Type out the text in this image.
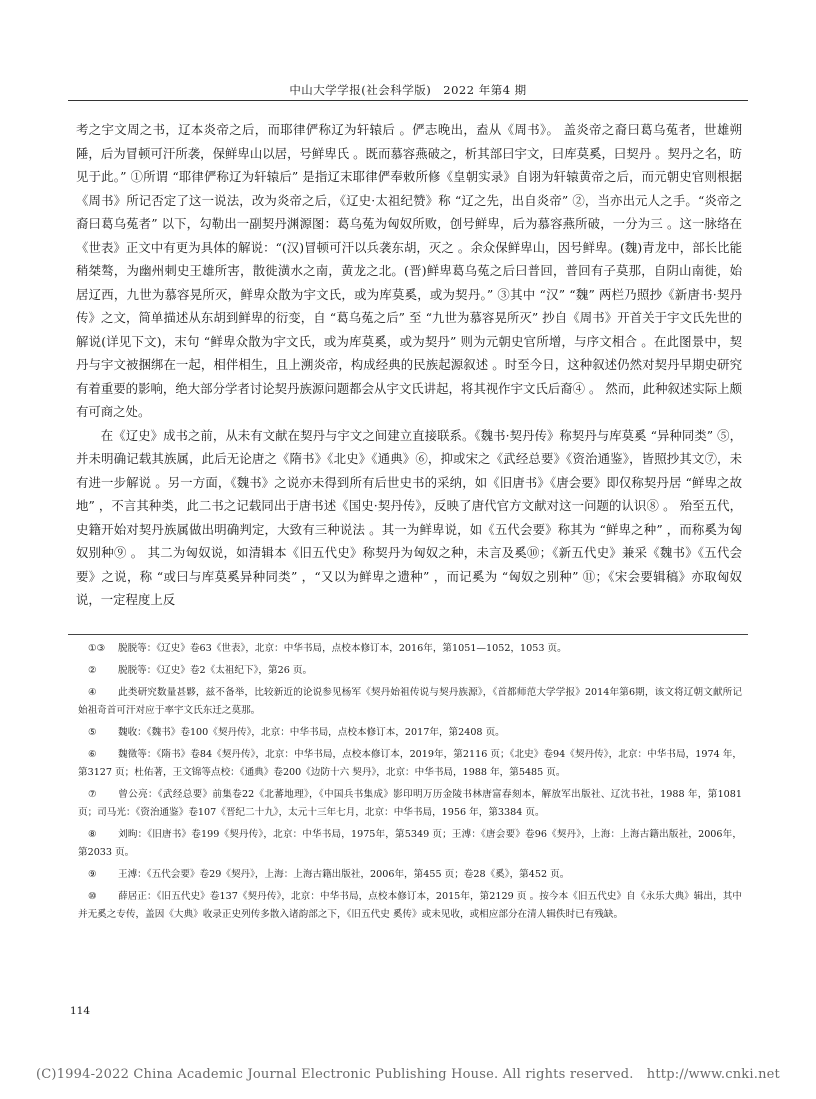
中山大学学报(社会科学版)　2022 年第4 期

考之宇文周之书，辽本炎帝之后，而耶律俨称辽为轩辕后 。俨志晚出，盍从《周书》。 盖炎帝之裔曰葛乌菟者，世雄朔陲，后为冒顿可汗所袭，保鲜卑山以居，号鲜卑氏 。既而慕容燕破之，析其部曰宇文，曰库莫奚，曰契丹 。契丹之名，昉见于此。” ①所谓 “耶律俨称辽为轩辕后” 是指辽末耶律俨奉敕所修《皇朝实录》自诩为轩辕黄帝之后，而元朝史官则根据《周书》所记否定了这一说法，改为炎帝之后，《辽史·太祖纪赞》称 “辽之先，出自炎帝” ②，当亦出元人之手。“炎帝之裔曰葛乌菟者” 以下，勾勒出一副契丹渊源图：葛乌菟为匈奴所败，创号鲜卑，后为慕容燕所破，一分为三 。这一脉络在《世表》正文中有更为具体的解说：“(汉)冒顿可汗以兵袭东胡，灭之 。余众保鲜卑山，因号鲜卑。(魏)青龙中，部长比能稍桀骜，为幽州刺史王雄所害，散徙潢水之南，黄龙之北。(晋)鲜卑葛乌菟之后曰普回，普回有子莫那，自阴山南徙，始居辽西，九世为慕容晃所灭，鲜卑众散为宇文氏，或为库莫奚，或为契丹。” ③其中 “汉” “魏” 两栏乃照抄《新唐书·契丹传》之文，简单描述从东胡到鲜卑的衍变，自 “葛乌菟之后” 至 “九世为慕容晃所灭” 抄自《周书》开首关于宇文氏先世的解说(详见下文)，末句 “鲜卑众散为宇文氏，或为库莫奚，或为契丹” 则为元朝史官所增，与序文相合 。在此图景中，契丹与宇文被捆绑在一起，相伴相生，且上溯炎帝，构成经典的民族起源叙述 。时至今日，这种叙述仍然对契丹早期史研究有着重要的影响，绝大部分学者讨论契丹族源问题都会从宇文氏讲起，将其视作宇文氏后裔④ 。 然而，此种叙述实际上颇有可商之处。

在《辽史》成书之前，从未有文献在契丹与宇文之间建立直接联系。《魏书·契丹传》称契丹与库莫奚 “异种同类” ⑤，并未明确记载其族属，此后无论唐之《隋书》《北史》《通典》⑥，抑或宋之《武经总要》《资治通鉴》，皆照抄其文⑦，未有进一步解说 。另一方面，《魏书》之说亦未得到所有后世史书的采纳，如《旧唐书》《唐会要》即仅称契丹居 “鲜卑之故地” ，不言其种类，此二书之记载同出于唐书述《国史·契丹传》，反映了唐代官方文献对这一问题的认识⑧ 。 殆至五代，史籍开始对契丹族属做出明确判定，大致有三种说法 。其一为鲜卑说，如《五代会要》称其为 “鲜卑之种” ，而称奚为匈奴别种⑨ 。 其二为匈奴说，如清辑本《旧五代史》称契丹为匈奴之种，未言及奚⑩；《新五代史》兼采《魏书》《五代会要》之说，称 “或曰与库莫奚异种同类” ，“又以为鲜卑之遗种” ，而记奚为 “匈奴之别种” ⑪；《宋会要辑稿》亦取匈奴说，一定程度上反

①③ 脱脱等：《辽史》卷63《世表》，北京：中华书局，点校本修订本，2016年，第1051—1052，1053 页。

② 脱脱等：《辽史》卷2《太祖纪下》，第26 页。

④ 此类研究数量甚夥，兹不备举，比较新近的论说参见杨军《契丹始祖传说与契丹族源》，《首都师范大学学报》2014年第6期，该文将辽朝文献所记始祖奇首可汗对应于率宇文氏东迁之莫那。

⑤ 魏收：《魏书》卷100《契丹传》，北京：中华书局，点校本修订本，2017年，第2408 页。

⑥ 魏徵等：《隋书》卷84《契丹传》，北京：中华书局，点校本修订本，2019年，第2116 页；《北史》卷94《契丹传》，北京：中华书局，1974 年，第3127 页；杜佑著，王文锦等点校：《通典》卷200《边防十六 契丹》，北京：中华书局，1988 年，第5485 页。

⑦ 曾公亮：《武经总要》前集卷22《北蕃地理》，《中国兵书集成》影印明万历金陵书林唐富春刻本，解放军出版社、辽沈书社，1988 年，第1081 页；司马光：《资治通鉴》卷107《晋纪二十九》，太元十三年七月，北京：中华书局，1956 年，第3384 页。

⑧ 刘昫：《旧唐书》卷199《契丹传》，北京：中华书局，1975年，第5349 页；王溥：《唐会要》卷96《契丹》，上海：上海古籍出版社，2006年，第2033 页。

⑨ 王溥：《五代会要》卷29《契丹》，上海：上海古籍出版社，2006年，第455 页；卷28《奚》，第452 页。

⑩ 薛居正：《旧五代史》卷137《契丹传》，北京：中华书局，点校本修订本，2015年，第2129 页 。按今本《旧五代史》自《永乐大典》辑出，其中并无奚之专传，盖因《大典》收录正史列传多散入诸韵部之下，《旧五代史 奚传》或未见收，或相应部分在清人辑佚时已有残缺。

114
(C)1994-2022 China Academic Journal Electronic Publishing House. All rights reserved.　http://www.cnki.net
